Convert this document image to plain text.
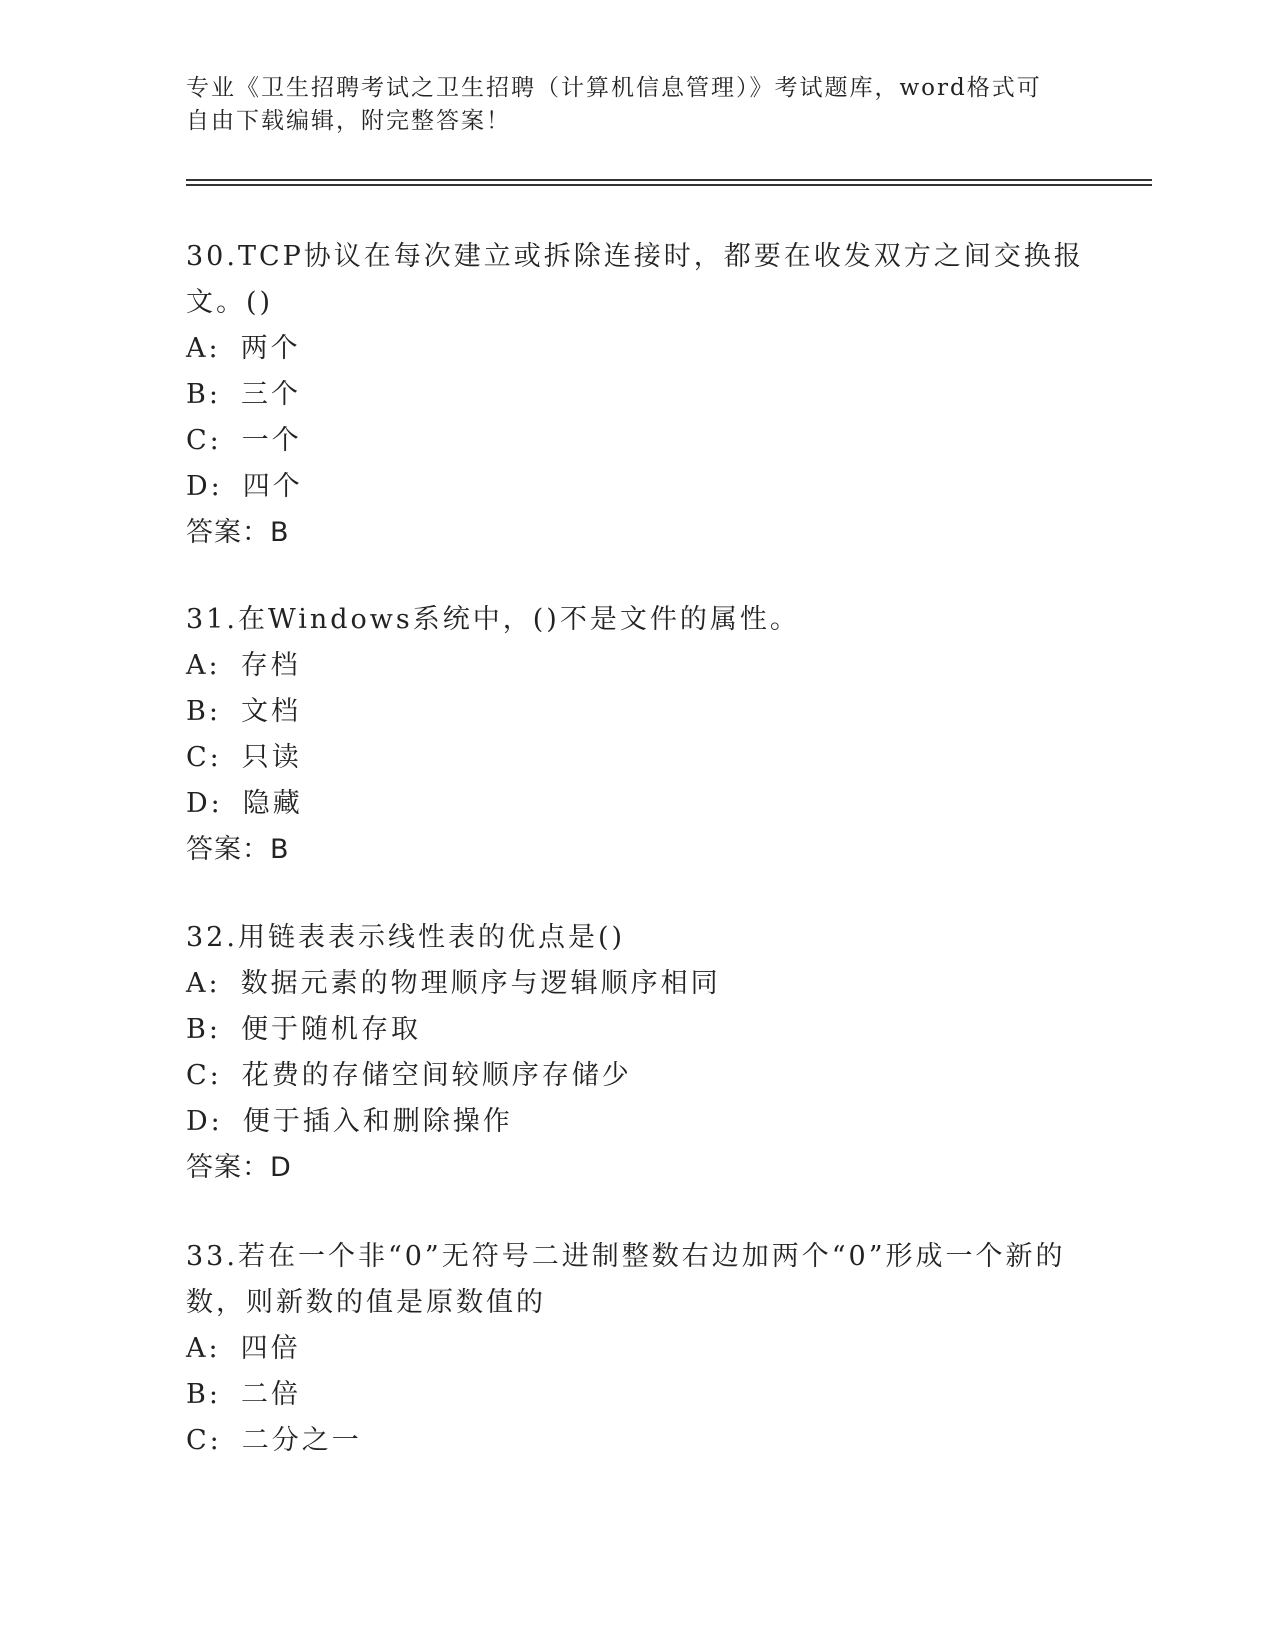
专业《卫生招聘考试之卫生招聘（计算机信息管理）》考试题库，word格式可自由下载编辑，附完整答案！

30.TCP协议在每次建立或拆除连接时，都要在收发双方之间交换报文。()

A: 两个
B: 三个
C: 一个
D: 四个
答案：B

31.在Windows系统中，()不是文件的属性。

A: 存档
B: 文档
C: 只读
D: 隐藏
答案：B

32.用链表表示线性表的优点是()

A: 数据元素的物理顺序与逻辑顺序相同
B: 便于随机存取
C: 花费的存储空间较顺序存储少
D: 便于插入和删除操作
答案：D

33.若在一个非“0”无符号二进制整数右边加两个“0”形成一个新的数，则新数的值是原数值的

A: 四倍
B: 二倍
C: 二分之一
